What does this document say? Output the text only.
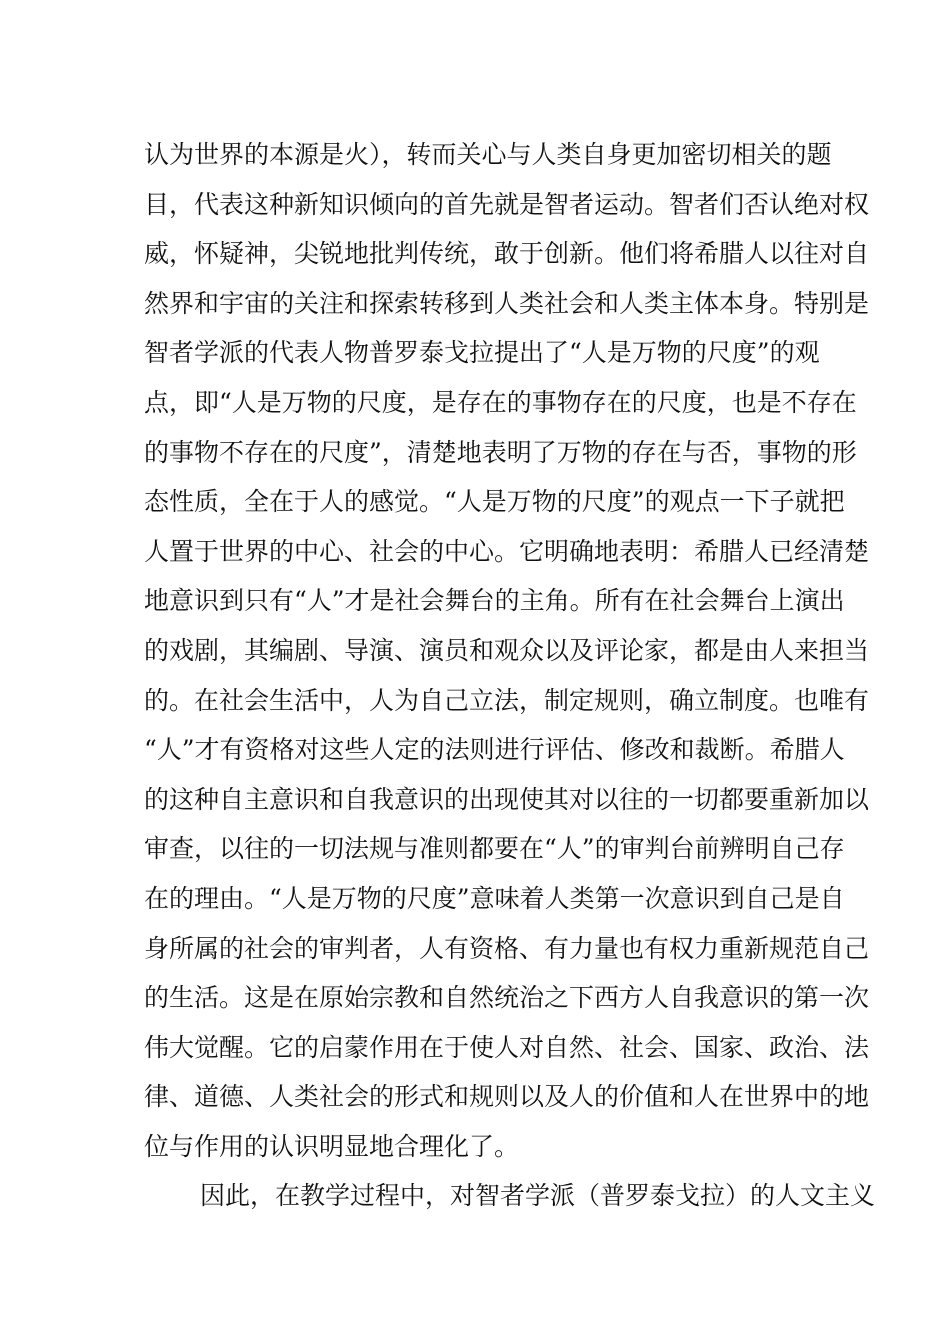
认为世界的本源是火），转而关心与人类自身更加密切相关的题
目，代表这种新知识倾向的首先就是智者运动。智者们否认绝对权
威，怀疑神，尖锐地批判传统，敢于创新。他们将希腊人以往对自
然界和宇宙的关注和探索转移到人类社会和人类主体本身。特别是
智者学派的代表人物普罗泰戈拉提出了“人是万物的尺度”的观
点，即“人是万物的尺度，是存在的事物存在的尺度，也是不存在
的事物不存在的尺度”，清楚地表明了万物的存在与否，事物的形
态性质，全在于人的感觉。“人是万物的尺度”的观点一下子就把
人置于世界的中心、社会的中心。它明确地表明：希腊人已经清楚
地意识到只有“人”才是社会舞台的主角。所有在社会舞台上演出
的戏剧，其编剧、导演、演员和观众以及评论家，都是由人来担当
的。在社会生活中，人为自己立法，制定规则，确立制度。也唯有
“人”才有资格对这些人定的法则进行评估、修改和裁断。希腊人
的这种自主意识和自我意识的出现使其对以往的一切都要重新加以
审查，以往的一切法规与准则都要在“人”的审判台前辨明自己存
在的理由。“人是万物的尺度”意味着人类第一次意识到自己是自
身所属的社会的审判者，人有资格、有力量也有权力重新规范自己
的生活。这是在原始宗教和自然统治之下西方人自我意识的第一次
伟大觉醒。它的启蒙作用在于使人对自然、社会、国家、政治、法
律、道德、人类社会的形式和规则以及人的价值和人在世界中的地
位与作用的认识明显地合理化了。
因此，在教学过程中，对智者学派（普罗泰戈拉）的人文主义
